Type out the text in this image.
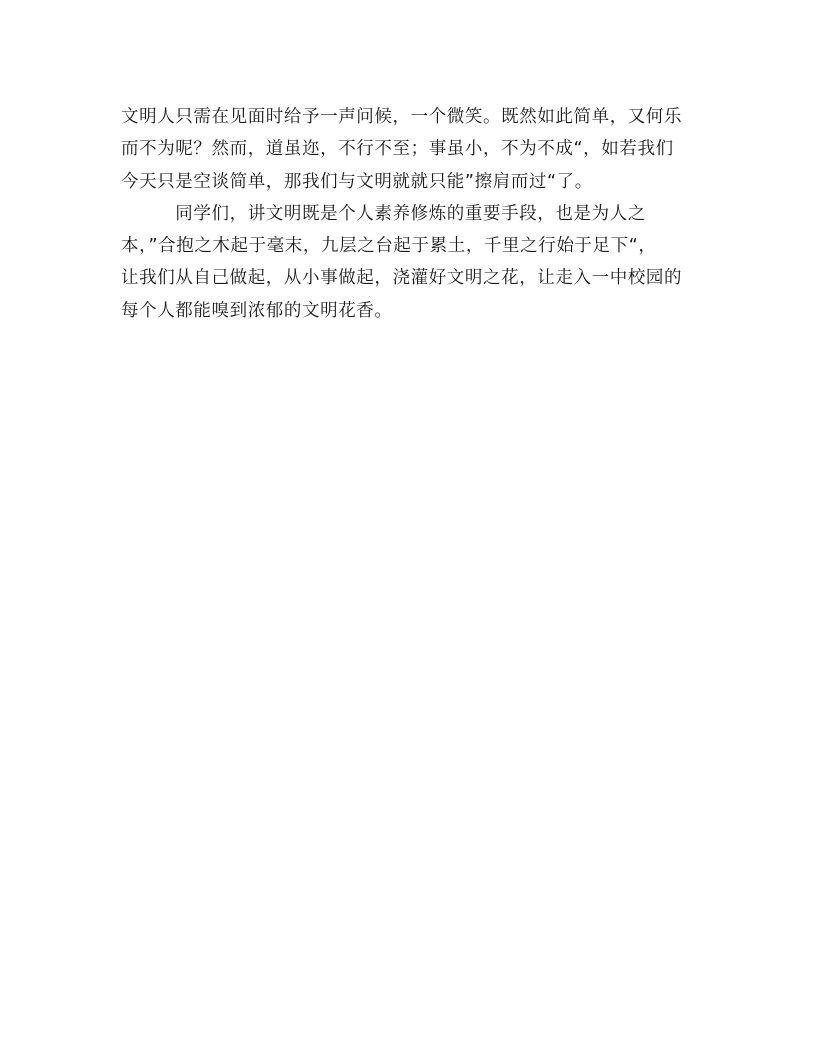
文明人只需在见面时给予一声问候，一个微笑。既然如此简单，又何乐
而不为呢？然而，道虽迩，不行不至；事虽小，不为不成“，如若我们
今天只是空谈简单，那我们与文明就就只能”擦肩而过“了。
　　　同学们，讲文明既是个人素养修炼的重要手段，也是为人之
本，”合抱之木起于毫末，九层之台起于累土，千里之行始于足下“，
让我们从自己做起，从小事做起，浇灌好文明之花，让走入一中校园的
每个人都能嗅到浓郁的文明花香。
